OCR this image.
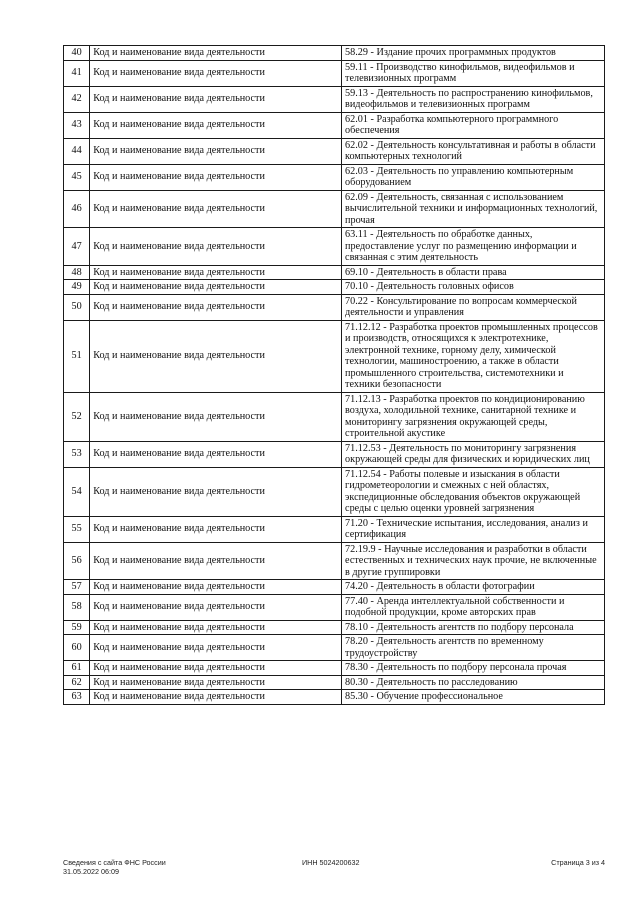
40	Код и наименование вида деятельности	58.29 - Издание прочих программных продуктов
41	Код и наименование вида деятельности	59.11 - Производство кинофильмов, видеофильмов и телевизионных программ
42	Код и наименование вида деятельности	59.13 - Деятельность по распространению кинофильмов, видеофильмов и телевизионных программ
43	Код и наименование вида деятельности	62.01 - Разработка компьютерного программного обеспечения
44	Код и наименование вида деятельности	62.02 - Деятельность консультативная и работы в области компьютерных технологий
45	Код и наименование вида деятельности	62.03 - Деятельность по управлению компьютерным оборудованием
46	Код и наименование вида деятельности	62.09 - Деятельность, связанная с использованием вычислительной техники и информационных технологий, прочая
47	Код и наименование вида деятельности	63.11 - Деятельность по обработке данных, предоставление услуг по размещению информации и связанная с этим деятельность
48	Код и наименование вида деятельности	69.10 - Деятельность в области права
49	Код и наименование вида деятельности	70.10 - Деятельность головных офисов
50	Код и наименование вида деятельности	70.22 - Консультирование по вопросам коммерческой деятельности и управления
51	Код и наименование вида деятельности	71.12.12 - Разработка проектов промышленных процессов и производств, относящихся к электротехнике, электронной технике, горному делу, химической технологии, машиностроению, а также в области промышленного строительства, системотехники и техники безопасности
52	Код и наименование вида деятельности	71.12.13 - Разработка проектов по кондиционированию воздуха, холодильной технике, санитарной технике и мониторингу загрязнения окружающей среды, строительной акустике
53	Код и наименование вида деятельности	71.12.53 - Деятельность по мониторингу загрязнения окружающей среды для физических и юридических лиц
54	Код и наименование вида деятельности	71.12.54 - Работы полевые и изыскания в области гидрометеорологии и смежных с ней областях, экспедиционные обследования объектов окружающей среды с целью оценки уровней загрязнения
55	Код и наименование вида деятельности	71.20 - Технические испытания, исследования, анализ и сертификация
56	Код и наименование вида деятельности	72.19.9 - Научные исследования и разработки в области естественных и технических наук прочие, не включенные в другие группировки
57	Код и наименование вида деятельности	74.20 - Деятельность в области фотографии
58	Код и наименование вида деятельности	77.40 - Аренда интеллектуальной собственности и подобной продукции, кроме авторских прав
59	Код и наименование вида деятельности	78.10 - Деятельность агентств по подбору персонала
60	Код и наименование вида деятельности	78.20 - Деятельность агентств по временному трудоустройству
61	Код и наименование вида деятельности	78.30 - Деятельность по подбору персонала прочая
62	Код и наименование вида деятельности	80.30 - Деятельность по расследованию
63	Код и наименование вида деятельности	85.30 - Обучение профессиональное
Сведения с сайта ФНС России
31.05.2022 06:09
ИНН 5024200632	Страница 3 из 4
